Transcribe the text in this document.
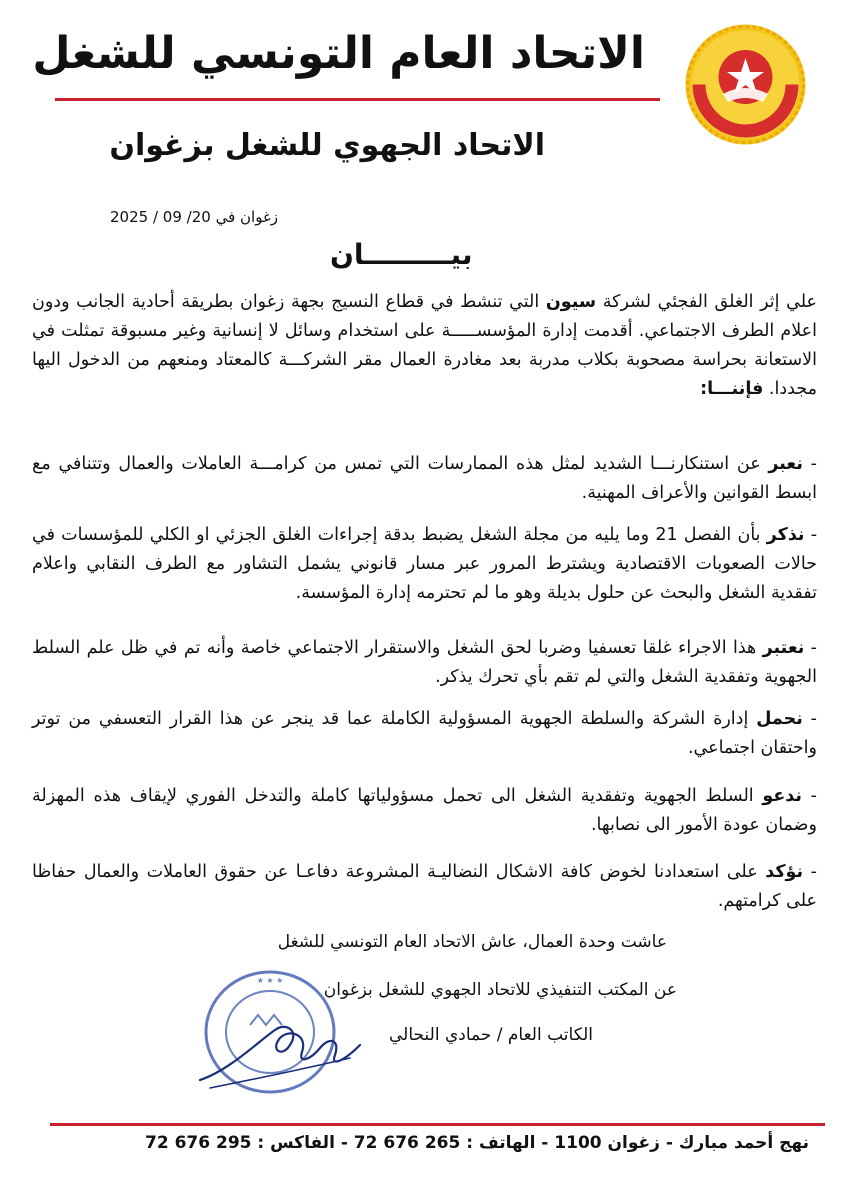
الاتحاد العام التونسي للشغل
الاتحاد الجهوي للشغل بزغوان
زغوان في 20/ 09 / 2025
بيـــــــــان
علي إثر الغلق الفجئي لشركة سيون التي تنشط في قطاع النسيج بجهة زغوان بطريقة أحادية الجانب ودون اعلام الطرف الاجتماعي. أقدمت إدارة المؤسســـــة على استخدام وسائل لا إنسانية وغير مسبوقة تمثلت في الاستعانة بحراسة مصحوبة بكلاب مدربة بعد مغادرة العمال مقر الشركـــة كالمعتاد ومنعهم من الدخول اليها مجددا. فإننـــا:
- نعبر عن استنكارنـــا الشديد لمثل هذه الممارسات التي تمس من كرامـــة العاملات والعمال وتتنافي مع ابسط القوانين والأعراف المهنية.
- نذكر بأن الفصل 21 وما يليه من مجلة الشغل يضبط بدقة إجراءات الغلق الجزئي او الكلي للمؤسسات في حالات الصعوبات الاقتصادية ويشترط المرور عبر مسار قانوني يشمل التشاور مع الطرف النقابي واعلام تفقدية الشغل والبحث عن حلول بديلة وهو ما لم تحترمه إدارة المؤسسة.
- نعتبر هذا الاجراء غلقا تعسفيا وضربا لحق الشغل والاستقرار الاجتماعي خاصة وأنه تم في ظل علم السلط الجهوية وتفقدية الشغل والتي لم تقم بأي تحرك يذكر.
- نحمل إدارة الشركة والسلطة الجهوية المسؤولية الكاملة عما قد ينجر عن هذا القرار التعسفي من توتر واحتقان اجتماعي.
- ندعو السلط الجهوية وتفقدية الشغل الى تحمل مسؤولياتها كاملة والتدخل الفوري لإيقاف هذه المهزلة وضمان عودة الأمور الى نصابها.
- نؤكد على استعدادنا لخوض كافة الاشكال النضاليـة المشروعة دفاعـا عن حقوق العاملات والعمال حفاظا على كرامتهم.
عاشت وحدة العمال، عاش الاتحاد العام التونسي للشغل
عن المكتب التنفيذي للاتحاد الجهوي للشغل بزغوان
الكاتب العام / حمادي النحالي
★ ★ ★
نهج أحمد مبارك - زغوان 1100 - الهاتف : 265 676 72 - الفاكس : 295 676 72
